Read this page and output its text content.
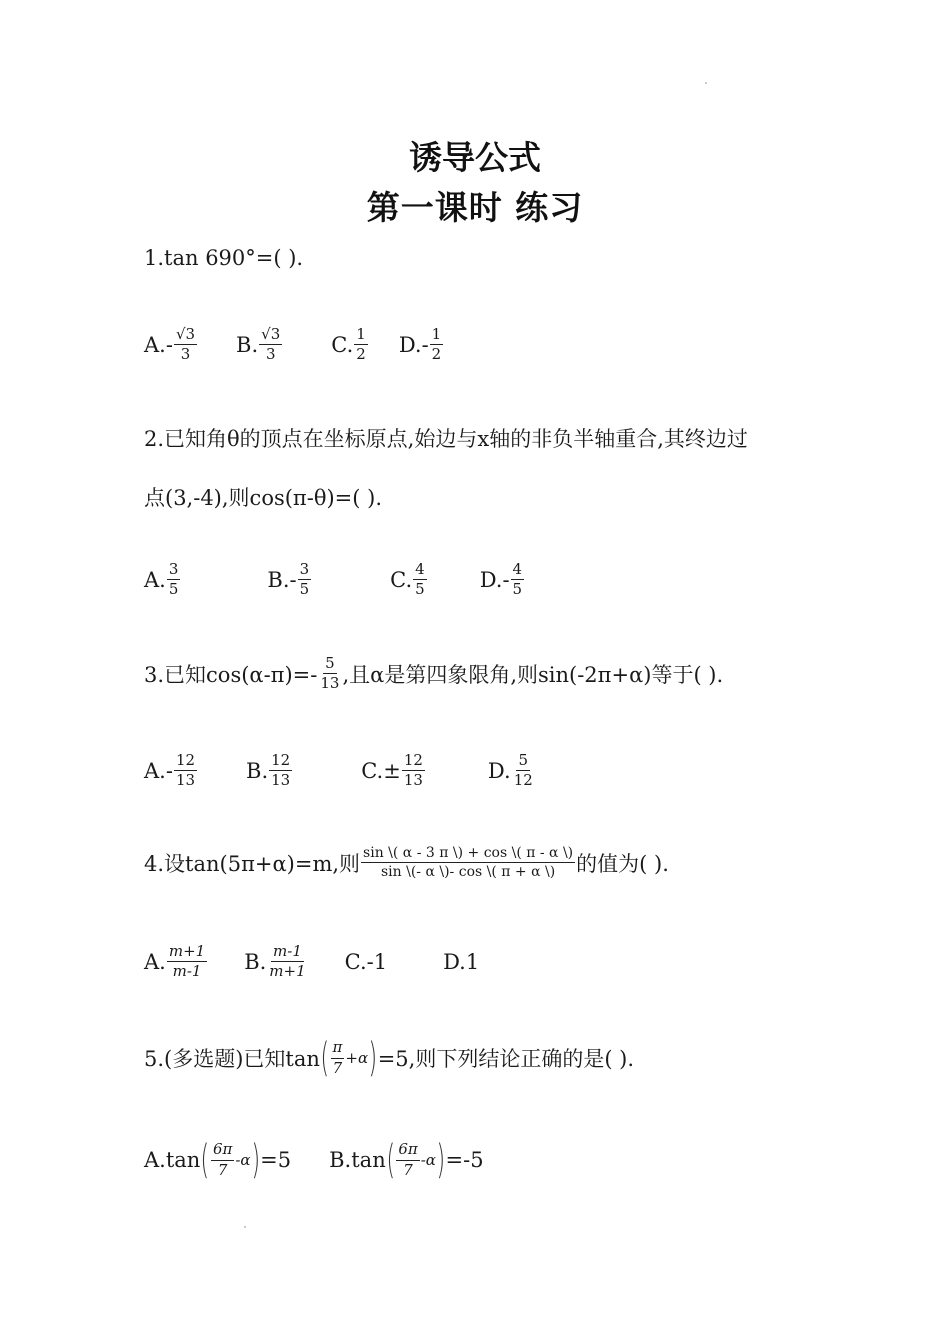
诱导公式
第一课时 练习
1.tan 690°=( ).
$A.- \frac{√3}{3} B$. $\frac{√3}{3} C$. $\frac{1}{2} D.- \frac{1}{2}$
2.已知角θ的顶点在坐标原点,始边与x轴的非负半轴重合,其终边过
点(3,-4),则cos(π-θ)=( ).
A. $\frac{3}{5}$	$B.- \frac{3}{5}$	C. $\frac{4}{5}$	$D.- \frac{4}{5}$
3.已知$\cos(\alpha-\pi)=- \frac{5}{13}$ ,且α是第四象限角,则sin(-2π+α)等于( ).
$A.- \frac{12}{13} B$. $\frac{12}{13}$	$C.\pm \frac{12}{13}$	D. $\frac{5}{12}$
4.设tan(5π+α)=m,则 $\frac{\sin \backslash( \alpha - 3 \pi \backslash) + \cos \backslash( \pi - \alpha \backslash)}{\sin \backslash(- \alpha \backslash)- \cos \backslash( \pi + \alpha \backslash)}$ 的值为( ).
A. $\frac{m+1}{m-1} B$. $\frac{m-1}{m+1} C.-1$	D.1
5.(多选题)已知tan ( $\frac{\pi}{7} +\alpha$ ) =5,则下列结论正确的是( ).
A.tan ( $\frac{6\pi}{7} -\alpha$ ) =5 B.tan ( $\frac{6\pi}{7} -\alpha$ ) =-5
